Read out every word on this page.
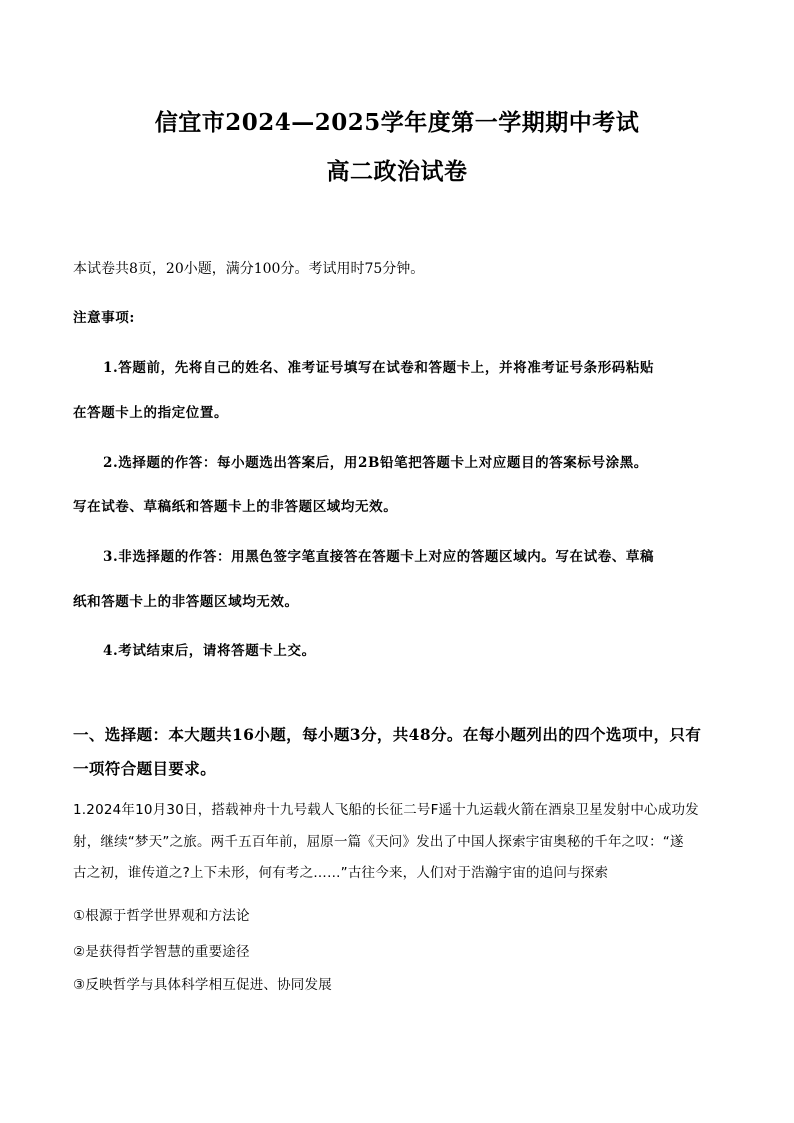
信宜市2024—2025学年度第一学期期中考试
高二政治试卷
本试卷共8页，20小题，满分100分。考试用时75分钟。
注意事项:
1.答题前，先将自己的姓名、准考证号填写在试卷和答题卡上，并将准考证号条形码粘贴
在答题卡上的指定位置。
2.选择题的作答：每小题选出答案后，用2B铅笔把答题卡上对应题目的答案标号涂黑。
写在试卷、草稿纸和答题卡上的非答题区域均无效。
3.非选择题的作答：用黑色签字笔直接答在答题卡上对应的答题区域内。写在试卷、草稿
纸和答题卡上的非答题区域均无效。
4.考试结束后，请将答题卡上交。
一、选择题：本大题共16小题，每小题3分，共48分。在每小题列出的四个选项中，只有
一项符合题目要求。
1.2024年10月30日，搭载神舟十九号载人飞船的长征二号F遥十九运载火箭在酒泉卫星发射中心成功发
射，继续“梦天”之旅。两千五百年前，屈原一篇《天问》发出了中国人探索宇宙奥秘的千年之叹：“遂
古之初，谁传道之?上下未形，何有考之……”古往今来，人们对于浩瀚宇宙的追问与探索
①根源于哲学世界观和方法论
②是获得哲学智慧的重要途径
③反映哲学与具体科学相互促进、协同发展
